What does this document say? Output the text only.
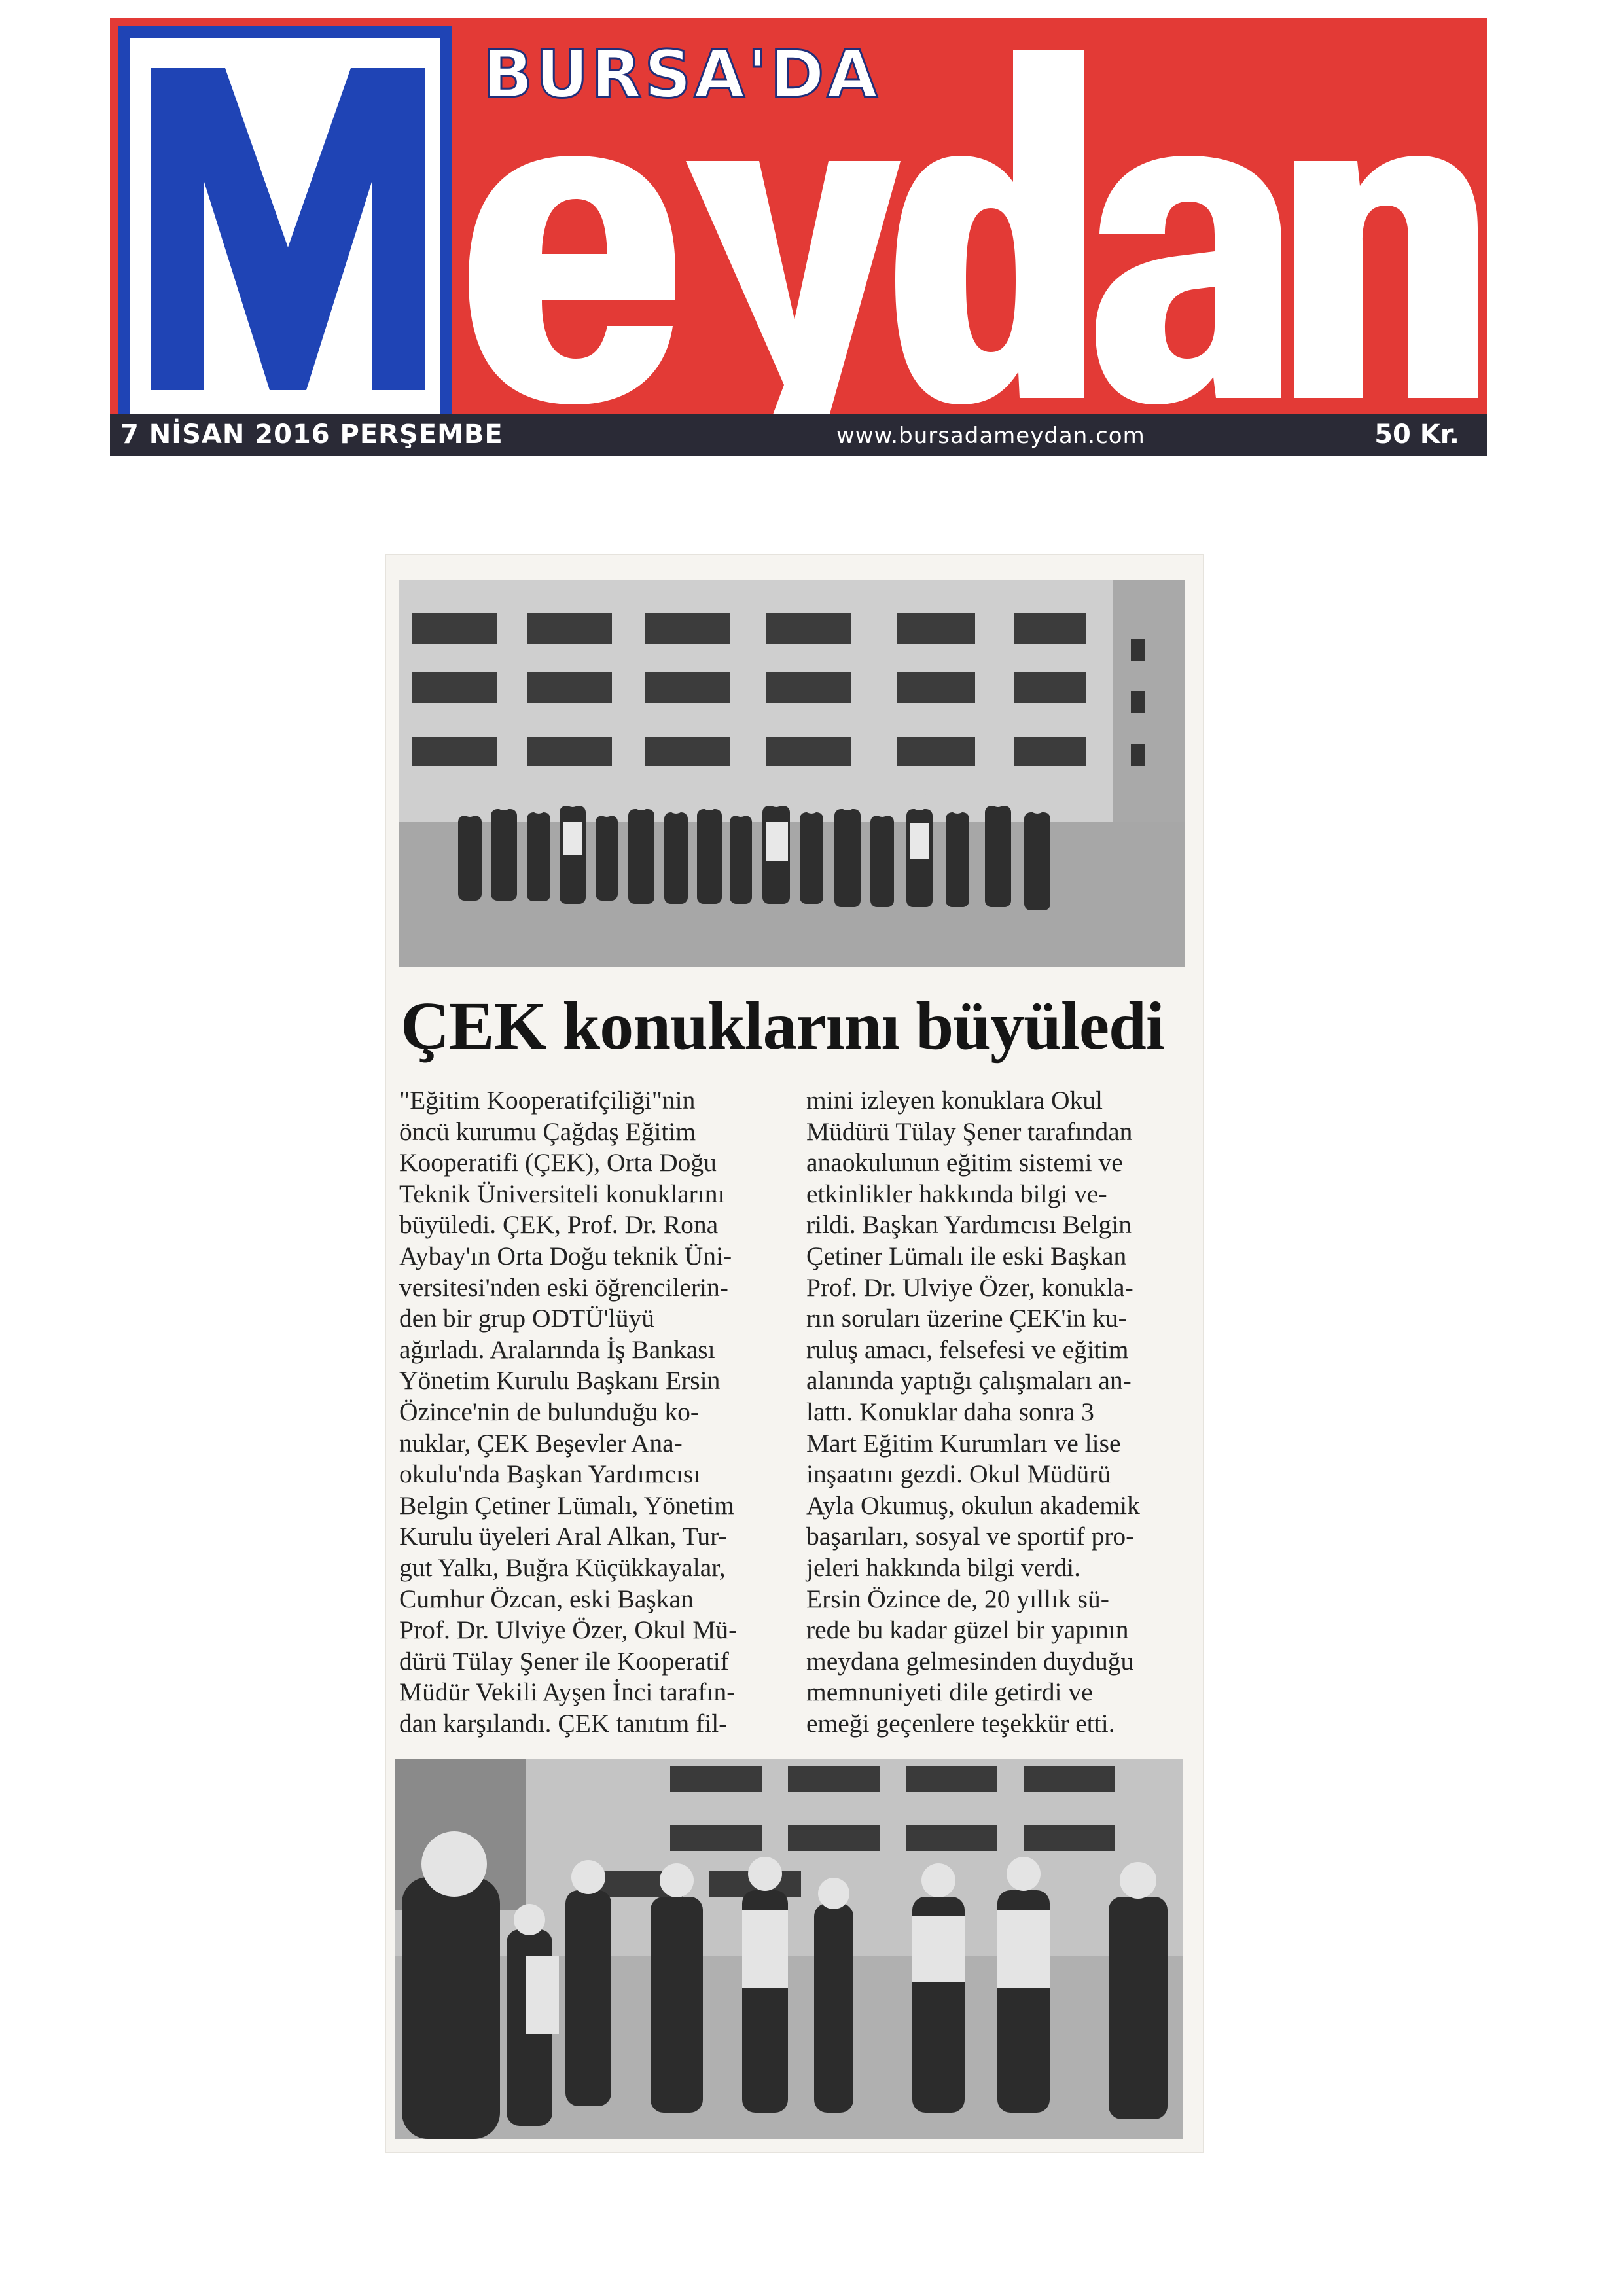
BURSA'DA
7 NİSAN 2016 PERŞEMBE	www.bursadameydan.com	50 Kr.
ÇEK konuklarını büyüledi
"Eğitim Kooperatifçiliği"nin
öncü kurumu Çağdaş Eğitim
Kooperatifi (ÇEK), Orta Doğu
Teknik Üniversiteli konuklarını
büyüledi. ÇEK, Prof. Dr. Rona
Aybay'ın Orta Doğu teknik Üni-
versitesi'nden eski öğrencilerin-
den bir grup ODTÜ'lüyü
ağırladı. Aralarında İş Bankası
Yönetim Kurulu Başkanı Ersin
Özince'nin de bulunduğu ko-
nuklar, ÇEK Beşevler Ana-
okulu'nda Başkan Yardımcısı
Belgin Çetiner Lümalı, Yönetim
Kurulu üyeleri Aral Alkan, Tur-
gut Yalkı, Buğra Küçükkayalar,
Cumhur Özcan, eski Başkan
Prof. Dr. Ulviye Özer, Okul Mü-
dürü Tülay Şener ile Kooperatif
Müdür Vekili Ayşen İnci tarafın-
dan karşılandı. ÇEK tanıtım fil-
mini izleyen konuklara Okul
Müdürü Tülay Şener tarafından
anaokulunun eğitim sistemi ve
etkinlikler hakkında bilgi ve-
rildi. Başkan Yardımcısı Belgin
Çetiner Lümalı ile eski Başkan
Prof. Dr. Ulviye Özer, konukla-
rın soruları üzerine ÇEK'in ku-
ruluş amacı, felsefesi ve eğitim
alanında yaptığı çalışmaları an-
lattı. Konuklar daha sonra 3
Mart Eğitim Kurumları ve lise
inşaatını gezdi. Okul Müdürü
Ayla Okumuş, okulun akademik
başarıları, sosyal ve sportif pro-
jeleri hakkında bilgi verdi.
Ersin Özince de, 20 yıllık sü-
rede bu kadar güzel bir yapının
meydana gelmesinden duyduğu
memnuniyeti dile getirdi ve
emeği geçenlere teşekkür etti.
